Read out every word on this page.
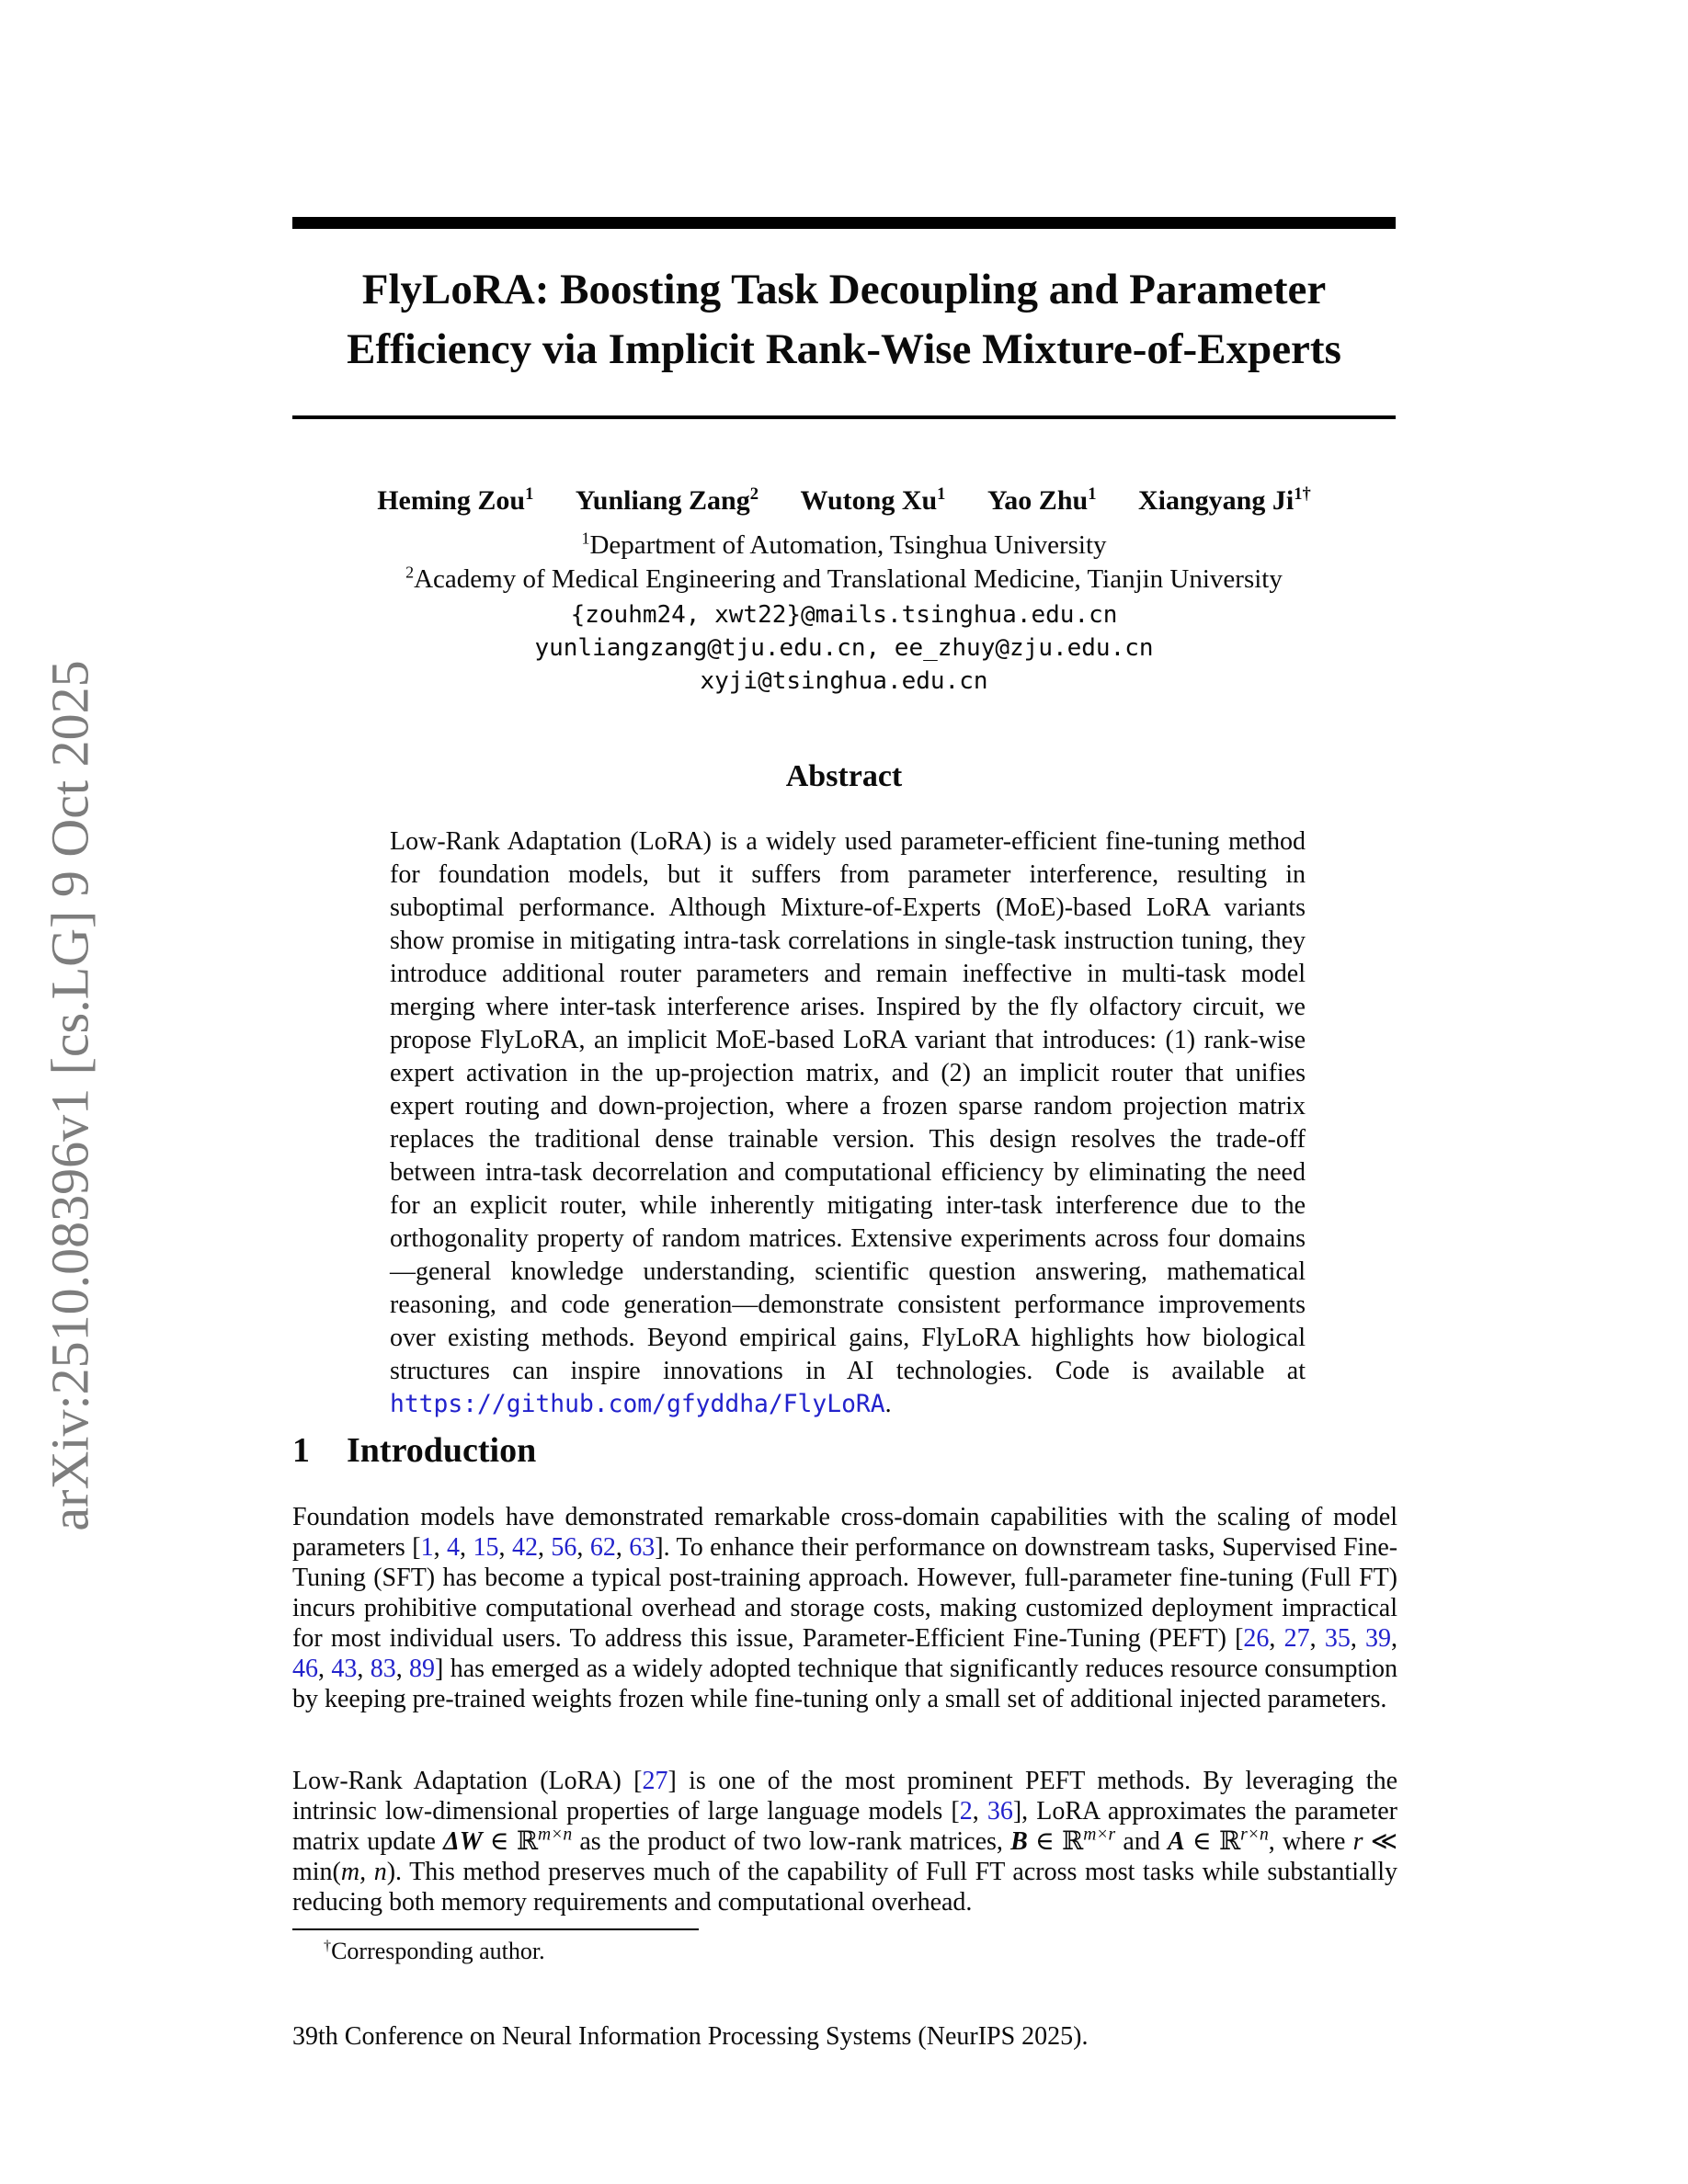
arXiv:2510.08396v1 [cs.LG] 9 Oct 2025
FlyLoRA: Boosting Task Decoupling and Parameter
Efficiency via Implicit Rank-Wise Mixture-of-Experts
Heming Zou$^1$ Yunliang Zang$^2$ Wutong Xu$^1$ Yao Zhu$^1$ Xiangyang $Ji^{1\dagger}$
$^1$Department of Automation, Tsinghua University
$^2$Academy of Medical Engineering and Translational Medicine, Tianjin University
{zouhm24, xwt22}@mails.tsinghua.edu.cn
yunliangzang@tju.edu.cn, ee_zhuy@zju.edu.cn
xyji@tsinghua.edu.cn
Abstract

Low-Rank Adaptation (LoRA) is a widely used parameter-efficient fine-tuning method for foundation models, but it suffers from parameter interference, resulting in suboptimal performance. Although Mixture-of-Experts (MoE)-based LoRA variants show promise in mitigating intra-task correlations in single-task instruction tuning, they introduce additional router parameters and remain ineffective in multi-task model merging where inter-task interference arises. Inspired by the fly olfactory circuit, we propose FlyLoRA, an implicit MoE-based LoRA variant that introduces: (1) rank-wise expert activation in the up-projection matrix, and (2) an implicit router that unifies expert routing and down-projection, where a frozen sparse random projection matrix replaces the traditional dense trainable version. This design resolves the trade-off between intra-task decorrelation and computational efficiency by eliminating the need for an explicit router, while inherently mitigating inter-task interference due to the orthogonality property of random matrices. Extensive experiments across four domains—general knowledge understanding, scientific question answering, mathematical reasoning, and code generation—demonstrate consistent performance improvements over existing methods. Beyond empirical gains, FlyLoRA highlights how biological structures can inspire innovations in AI technologies. Code is available at https://github.com/gfyddha/FlyLoRA.

1 Introduction

Foundation models have demonstrated remarkable cross-domain capabilities with the scaling of model parameters [1, 4, 15, 42, 56, 62, 63]. To enhance their performance on downstream tasks, Supervised Fine-Tuning (SFT) has become a typical post-training approach. However, full-parameter fine-tuning (Full FT) incurs prohibitive computational overhead and storage costs, making customized deployment impractical for most individual users. To address this issue, Parameter-Efficient Fine-Tuning (PEFT) [26, 27, 35, 39, 46, 43, 83, 89] has emerged as a widely adopted technique that significantly reduces resource consumption by keeping pre-trained weights frozen while fine-tuning only a small set of additional injected parameters.

Low-Rank Adaptation (LoRA) [27] is one of the most prominent PEFT methods. By leveraging the intrinsic low-dimensional properties of large language models [2, 36], LoRA approximates the parameter matrix update ΔW ∈ ℝ$^{m\times n}$ as the product of two low-rank matrices, B ∈ ℝ$^{m\times r}$ and A ∈ ℝ$^{r\times n}$, where r ≪ min(m, n). This method preserves much of the capability of Full FT across most tasks while substantially reducing both memory requirements and computational overhead.

†Corresponding author.

39th Conference on Neural Information Processing Systems (NeurIPS 2025).
